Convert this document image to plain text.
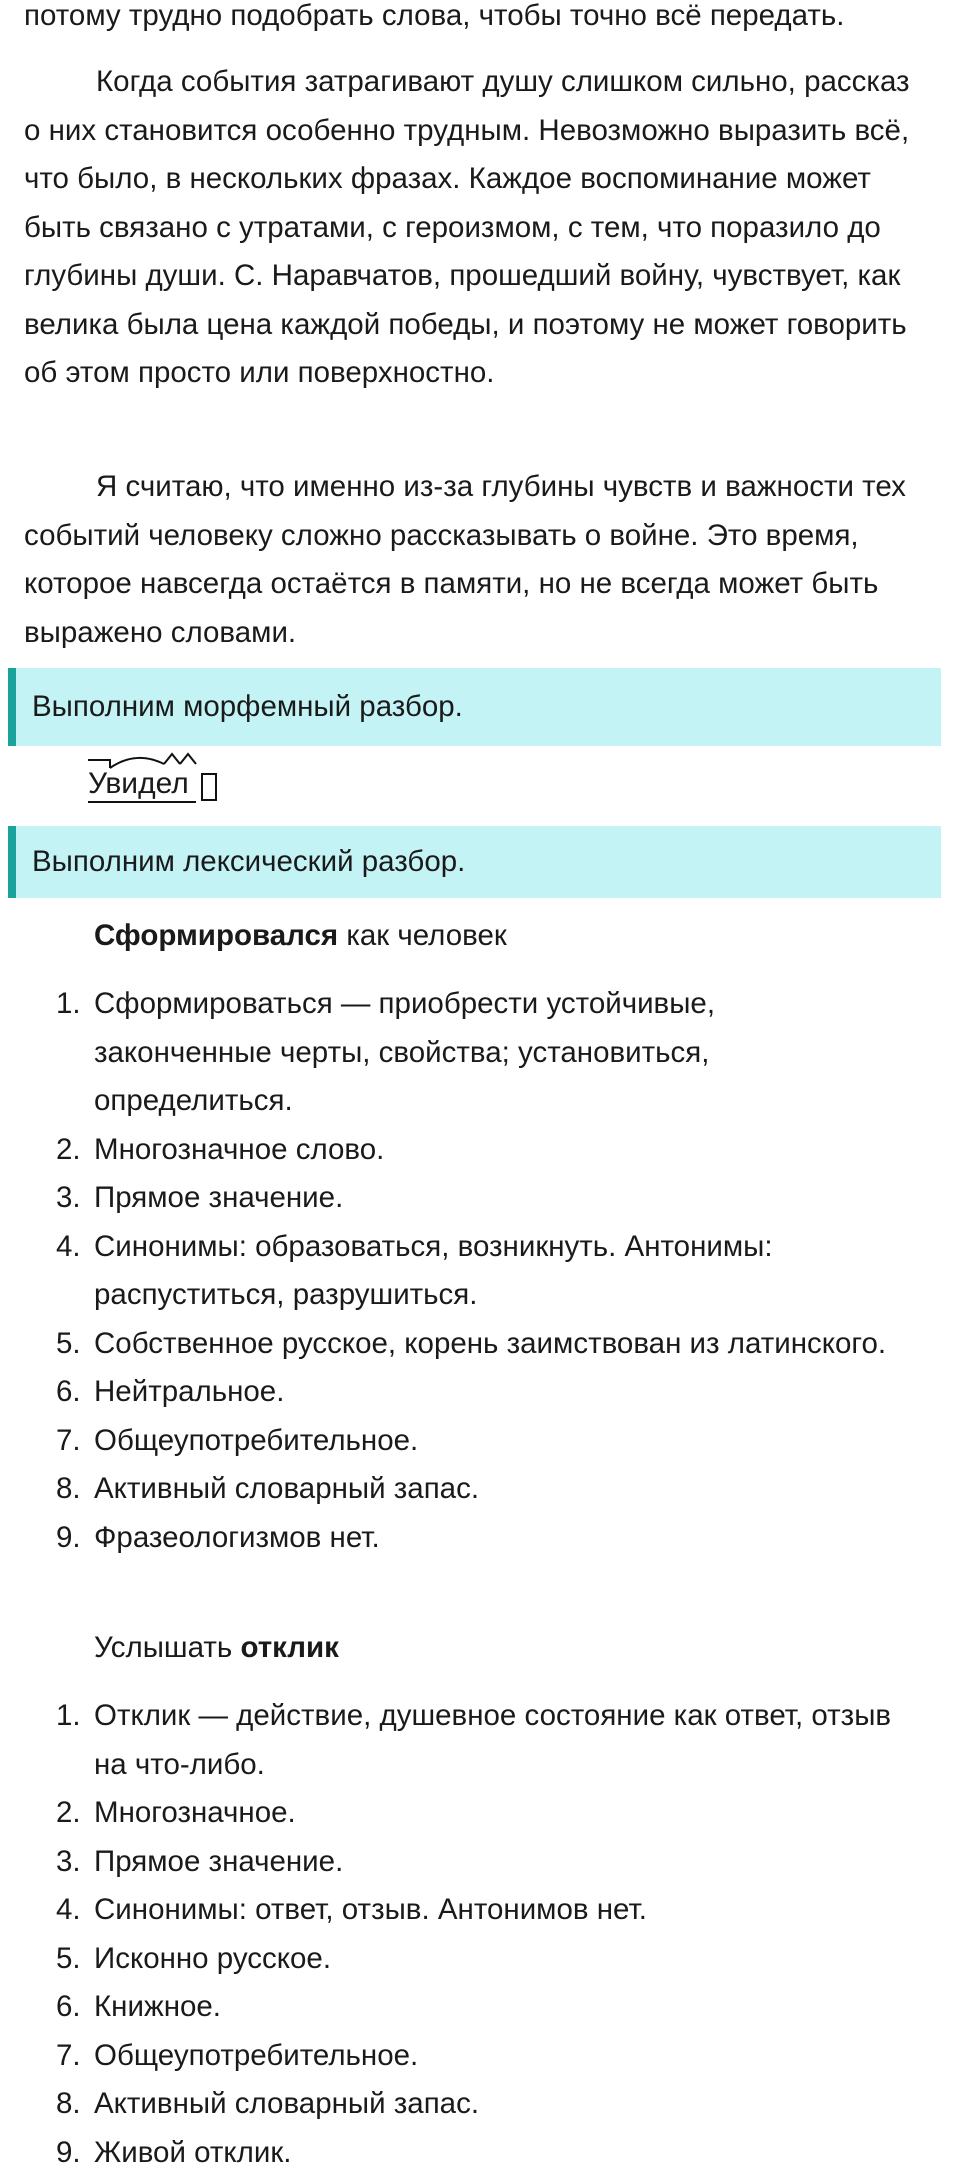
потому трудно подобрать слова, чтобы точно всё передать.

Когда события затрагивают душу слишком сильно, рассказ о них становится особенно трудным. Невозможно выразить всё, что было, в нескольких фразах. Каждое воспоминание может быть связано с утратами, с героизмом, с тем, что поразило до глубины души. С. Наравчатов, прошедший войну, чувствует, как велика была цена каждой победы, и поэтому не может говорить об этом просто или поверхностно.

Я считаю, что именно из-за глубины чувств и важности тех событий человеку сложно рассказывать о войне. Это время, которое навсегда остаётся в памяти, но не всегда может быть выражено словами.

Выполним морфемный разбор.
Увидел
Выполним лексический разбор.
Сформировался как человек
1. Сформироваться — приобрести устойчивые, законченные черты, свойства; установиться, определиться.
2. Многозначное слово.
3. Прямое значение.
4. Синонимы: образоваться, возникнуть. Антонимы: распуститься, разрушиться.
5. Собственное русское, корень заимствован из латинского.
6. Нейтральное.
7. Общеупотребительное.
8. Активный словарный запас.
9. Фразеологизмов нет.
Услышать отклик
1. Отклик — действие, душевное состояние как ответ, отзыв на что-либо.
2. Многозначное.
3. Прямое значение.
4. Синонимы: ответ, отзыв. Антонимов нет.
5. Исконно русское.
6. Книжное.
7. Общеупотребительное.
8. Активный словарный запас.
9. Живой отклик.
